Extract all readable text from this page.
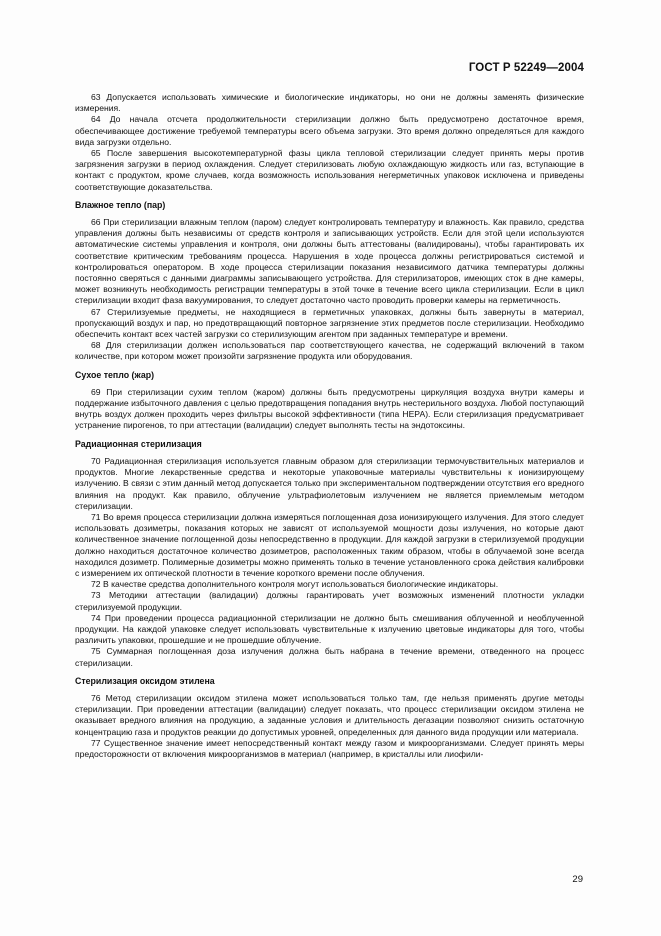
ГОСТ Р 52249—2004

63 Допускается использовать химические и биологические индикаторы, но они не должны заменять физические измерения.

64 До начала отсчета продолжительности стерилизации должно быть предусмотрено достаточное время, обеспечивающее достижение требуемой температуры всего объема загрузки. Это время должно определяться для каждого вида загрузки отдельно.

65 После завершения высокотемпературной фазы цикла тепловой стерилизации следует принять меры против загрязнения загрузки в период охлаждения. Следует стерилизовать любую охлаждающую жидкость или газ, вступающие в контакт с продуктом, кроме случаев, когда возможность использования негерметичных упаковок исключена и приведены соответствующие доказательства.

Влажное тепло (пар)

66 При стерилизации влажным теплом (паром) следует контролировать температуру и влажность. Как правило, средства управления должны быть независимы от средств контроля и записывающих устройств. Если для этой цели используются автоматические системы управления и контроля, они должны быть аттестованы (валидированы), чтобы гарантировать их соответствие критическим требованиям процесса. Нарушения в ходе процесса должны регистрироваться системой и контролироваться оператором. В ходе процесса стерилизации показания независимого датчика температуры должны постоянно сверяться с данными диаграммы записывающего устройства. Для стерилизаторов, имеющих сток в дне камеры, может возникнуть необходимость регистрации температуры в этой точке в течение всего цикла стерилизации. Если в цикл стерилизации входит фаза вакуумирования, то следует достаточно часто проводить проверки камеры на герметичность.

67 Стерилизуемые предметы, не находящиеся в герметичных упаковках, должны быть завернуты в материал, пропускающий воздух и пар, но предотвращающий повторное загрязнение этих предметов после стерилизации. Необходимо обеспечить контакт всех частей загрузки со стерилизующим агентом при заданных температуре и времени.

68 Для стерилизации должен использоваться пар соответствующего качества, не содержащий включений в таком количестве, при котором может произойти загрязнение продукта или оборудования.

Сухое тепло (жар)

69 При стерилизации сухим теплом (жаром) должны быть предусмотрены циркуляция воздуха внутри камеры и поддержание избыточного давления с целью предотвращения попадания внутрь нестерильного воздуха. Любой поступающий внутрь воздух должен проходить через фильтры высокой эффективности (типа НЕРА). Если стерилизация предусматривает устранение пирогенов, то при аттестации (валидации) следует выполнять тесты на эндотоксины.

Радиационная стерилизация

70 Радиационная стерилизация используется главным образом для стерилизации термочувствительных материалов и продуктов. Многие лекарственные средства и некоторые упаковочные материалы чувствительны к ионизирующему излучению. В связи с этим данный метод допускается только при экспериментальном подтверждении отсутствия его вредного влияния на продукт. Как правило, облучение ультрафиолетовым излучением не является приемлемым методом стерилизации.

71 Во время процесса стерилизации должна измеряться поглощенная доза ионизирующего излучения. Для этого следует использовать дозиметры, показания которых не зависят от используемой мощности дозы излучения, но которые дают количественное значение поглощенной дозы непосредственно в продукции. Для каждой загрузки в стерилизуемой продукции должно находиться достаточное количество дозиметров, расположенных таким образом, чтобы в облучаемой зоне всегда находился дозиметр. Полимерные дозиметры можно применять только в течение установленного срока действия калибровки с измерением их оптической плотности в течение короткого времени после облучения.

72 В качестве средства дополнительного контроля могут использоваться биологические индикаторы.

73 Методики аттестации (валидации) должны гарантировать учет возможных изменений плотности укладки стерилизуемой продукции.

74 При проведении процесса радиационной стерилизации не должно быть смешивания облученной и необлученной продукции. На каждой упаковке следует использовать чувствительные к излучению цветовые индикаторы для того, чтобы различить упаковки, прошедшие и не прошедшие облучение.

75 Суммарная поглощенная доза излучения должна быть набрана в течение времени, отведенного на процесс стерилизации.

Стерилизация оксидом этилена

76 Метод стерилизации оксидом этилена может использоваться только там, где нельзя применять другие методы стерилизации. При проведении аттестации (валидации) следует показать, что процесс стерилизации оксидом этилена не оказывает вредного влияния на продукцию, а заданные условия и длительность дегазации позволяют снизить остаточную концентрацию газа и продуктов реакции до допустимых уровней, определенных для данного вида продукции или материала.

77 Существенное значение имеет непосредственный контакт между газом и микроорганизмами. Следует принять меры предосторожности от включения микроорганизмов в материал (например, в кристаллы или лиофили-

29
